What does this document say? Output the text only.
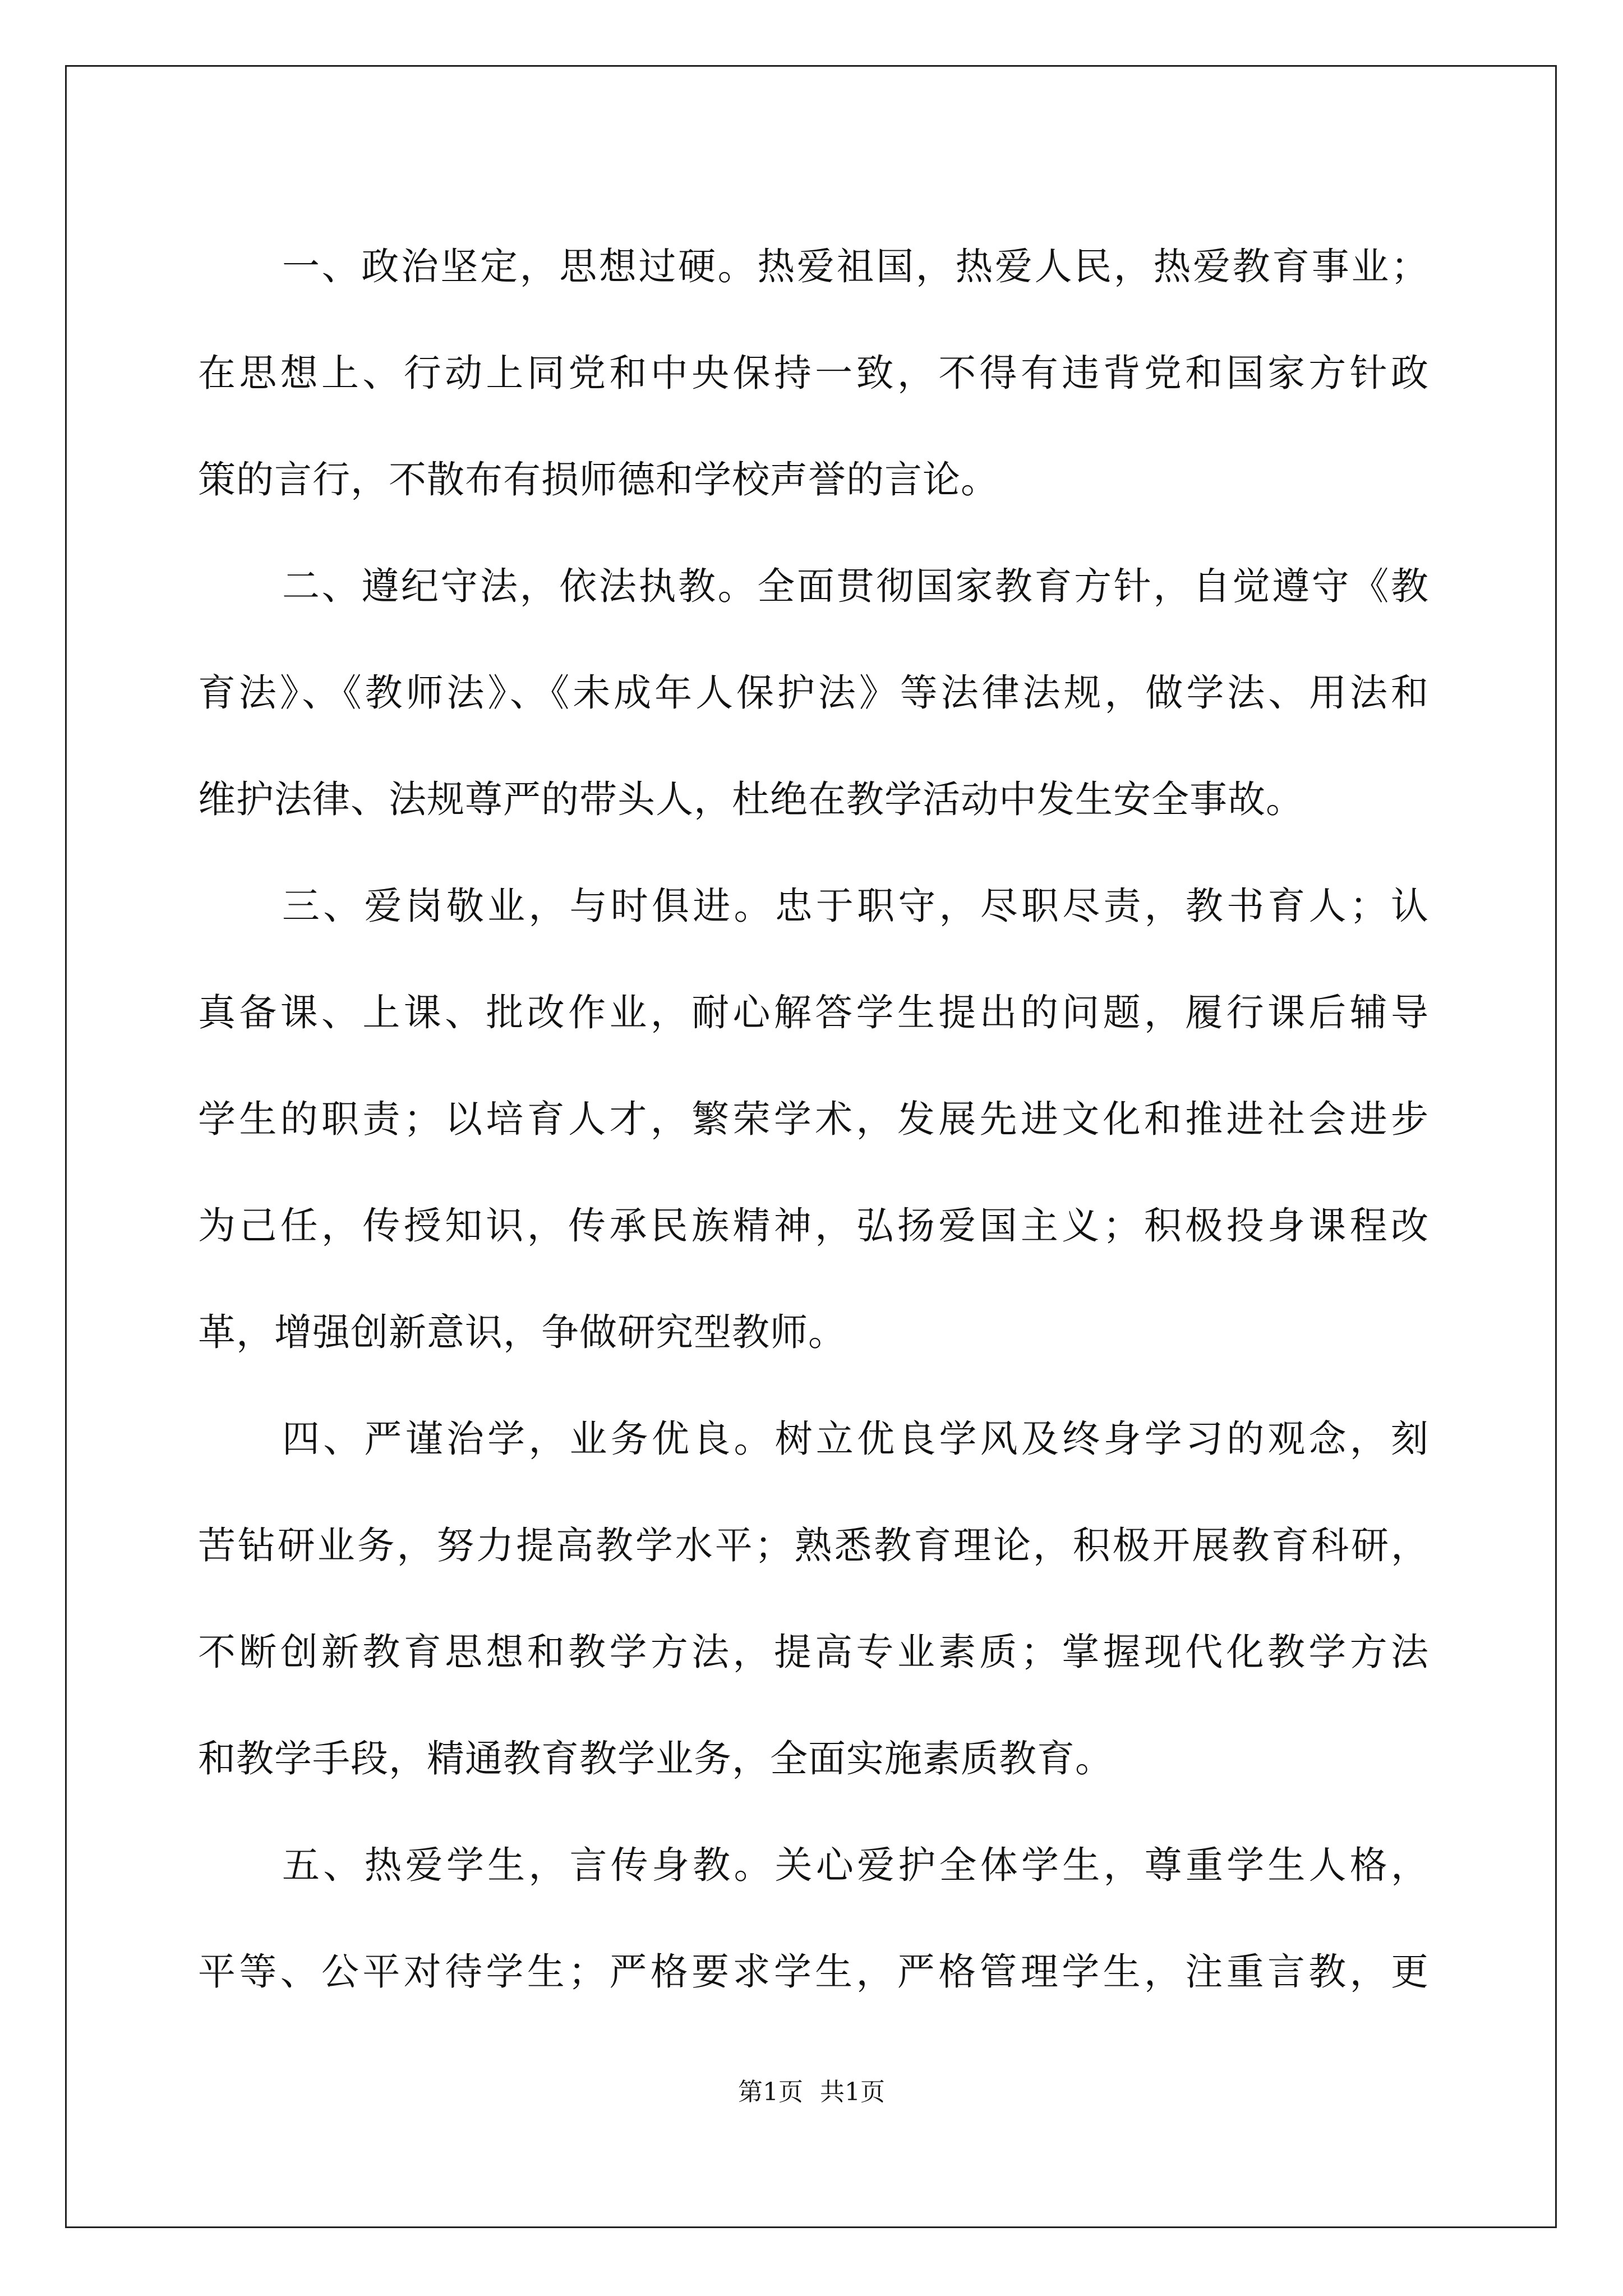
一、政治坚定，思想过硬。热爱祖国，热爱人民，热爱教育事业；
在思想上、行动上同党和中央保持一致，不得有违背党和国家方针政
策的言行，不散布有损师德和学校声誉的言论。
二、遵纪守法，依法执教。全面贯彻国家教育方针，自觉遵守《教
育法》、《教师法》、《未成年人保护法》等法律法规，做学法、用法和
维护法律、法规尊严的带头人，杜绝在教学活动中发生安全事故。
三、爱岗敬业，与时俱进。忠于职守，尽职尽责，教书育人；认
真备课、上课、批改作业，耐心解答学生提出的问题，履行课后辅导
学生的职责；以培育人才，繁荣学术，发展先进文化和推进社会进步
为己任，传授知识，传承民族精神，弘扬爱国主义；积极投身课程改
革，增强创新意识，争做研究型教师。
四、严谨治学，业务优良。树立优良学风及终身学习的观念，刻
苦钻研业务，努力提高教学水平；熟悉教育理论，积极开展教育科研，
不断创新教育思想和教学方法，提高专业素质；掌握现代化教学方法
和教学手段，精通教育教学业务，全面实施素质教育。
五、热爱学生，言传身教。关心爱护全体学生，尊重学生人格，
平等、公平对待学生；严格要求学生，严格管理学生，注重言教，更
第1页 共1页
